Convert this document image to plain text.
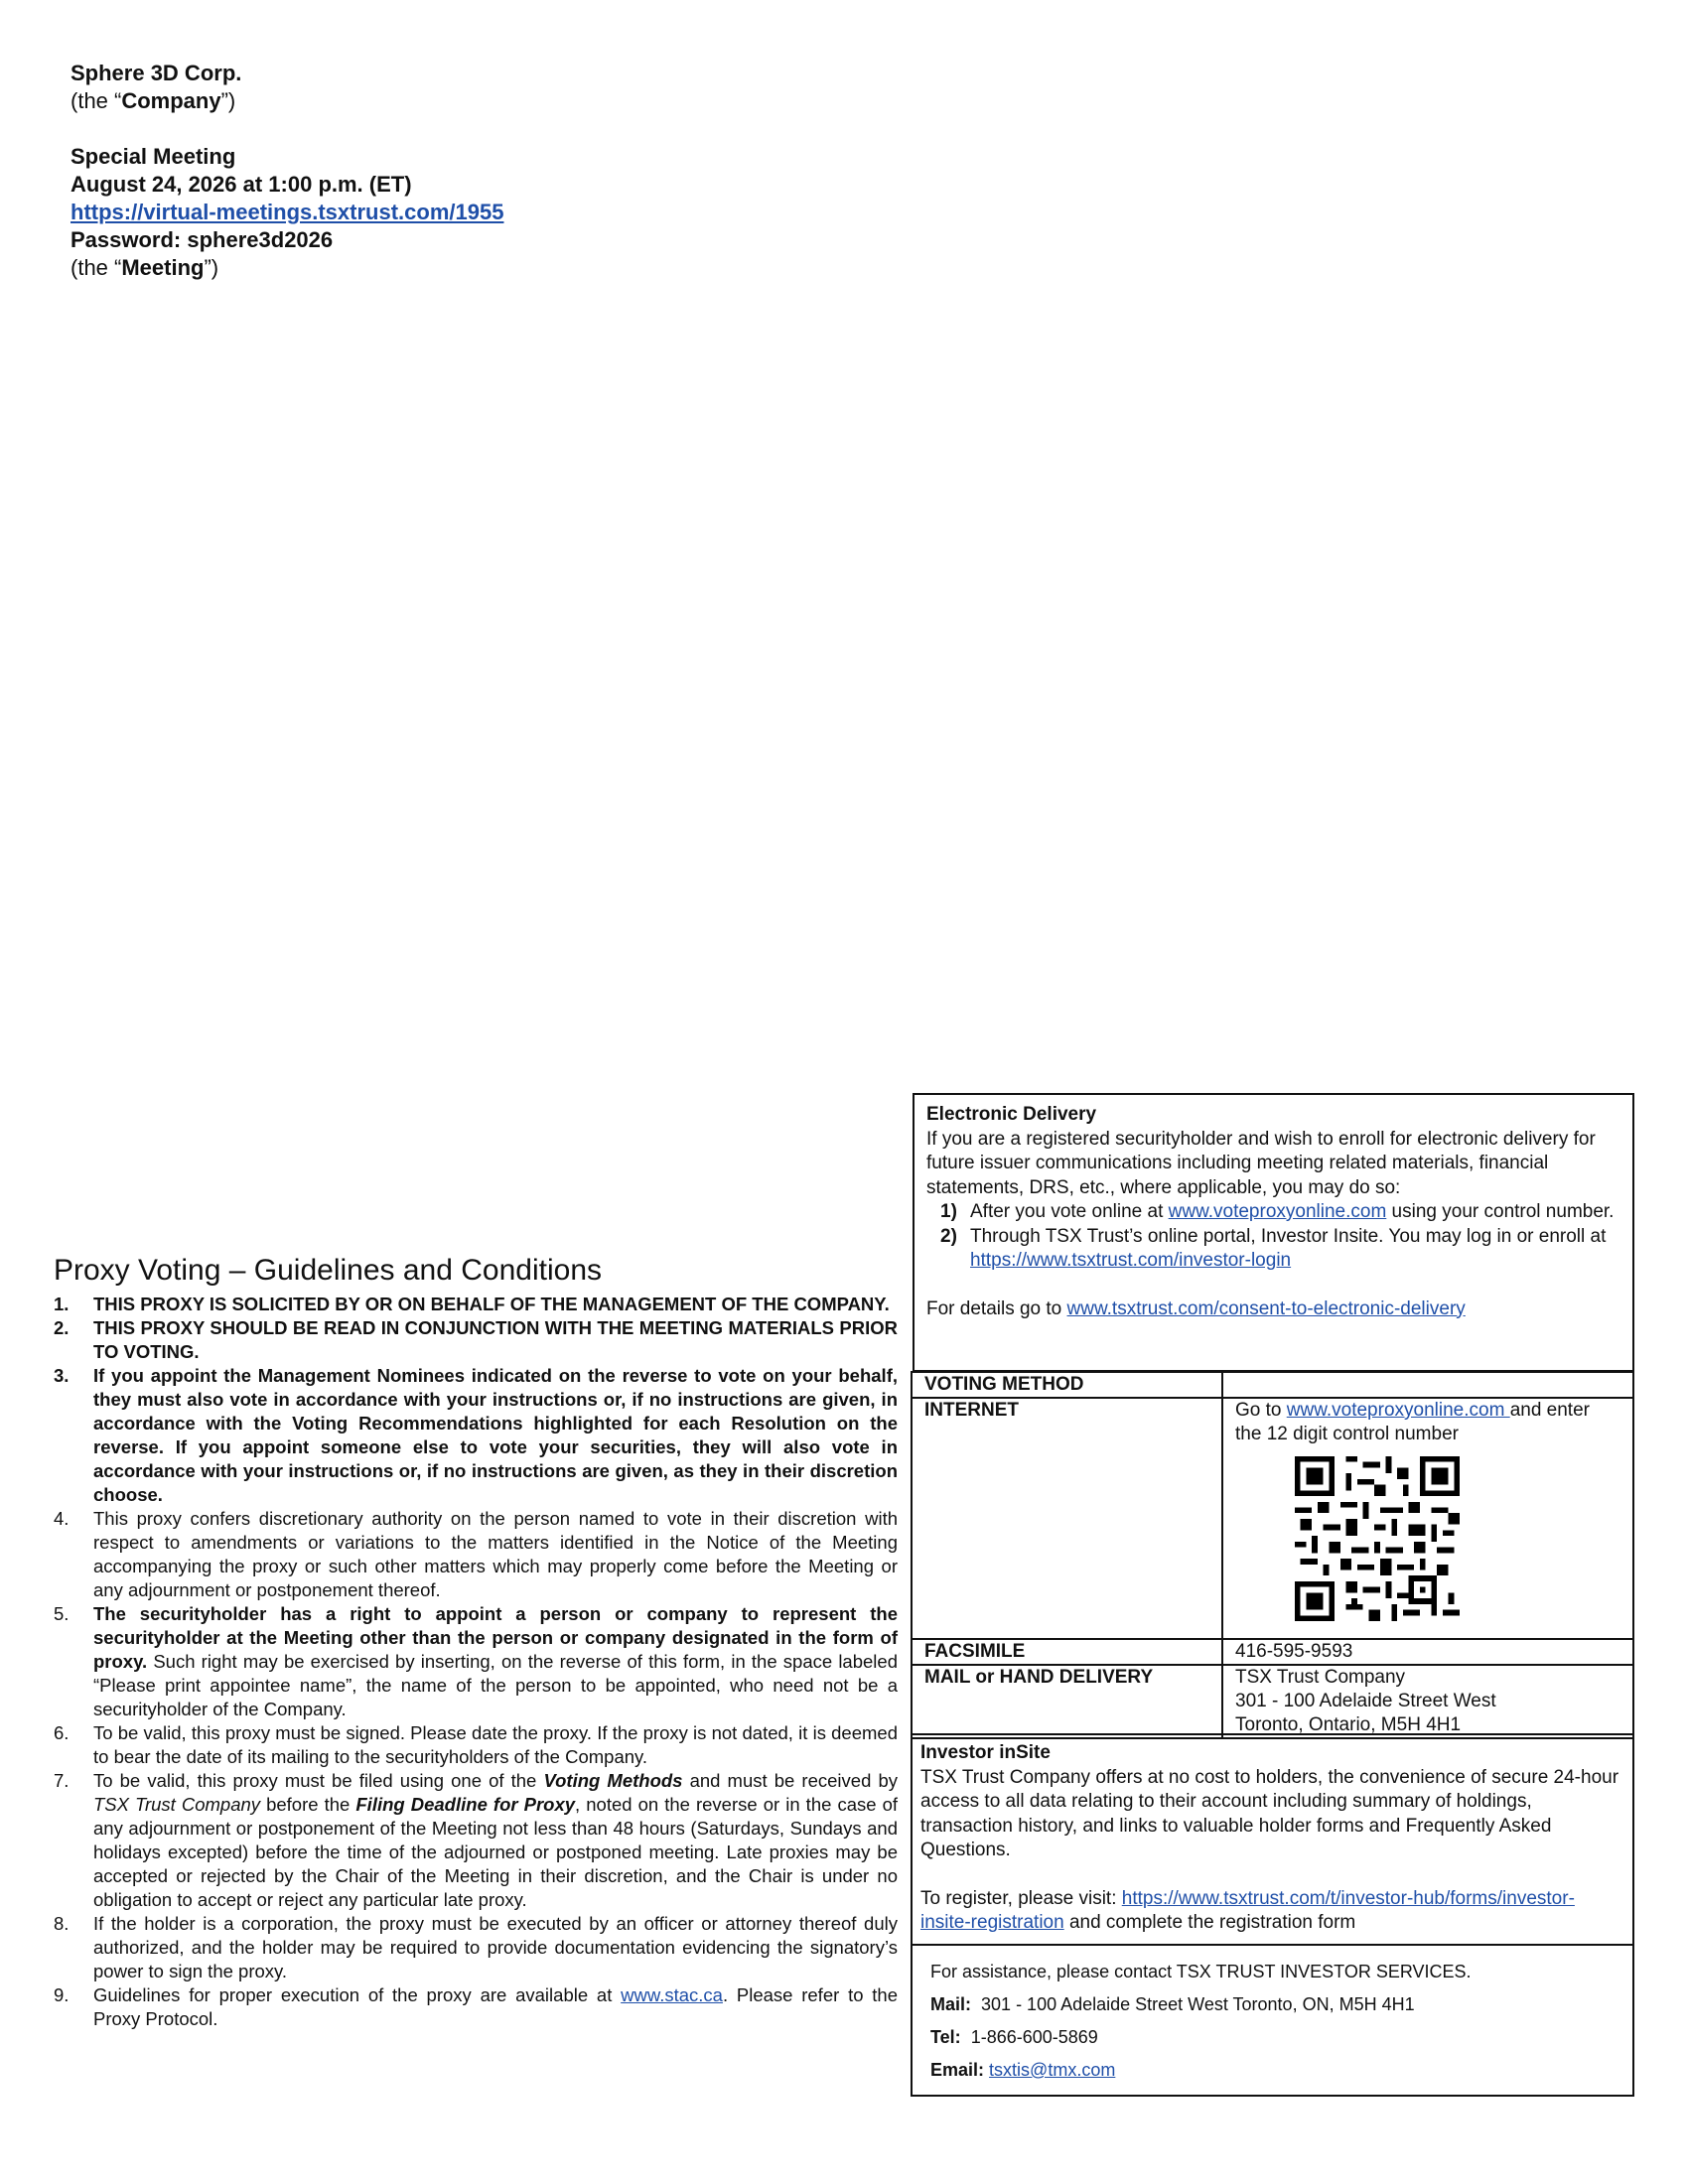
Sphere 3D Corp.
(the “Company”)
Special Meeting
August 24, 2026 at 1:00 p.m. (ET)
https://virtual-meetings.tsxtrust.com/1955
Password: sphere3d2026
(the “Meeting”)
Proxy Voting – Guidelines and Conditions
1. THIS PROXY IS SOLICITED BY OR ON BEHALF OF THE MANAGEMENT OF THE COMPANY.
2. THIS PROXY SHOULD BE READ IN CONJUNCTION WITH THE MEETING MATERIALS PRIOR TO VOTING.
3. If you appoint the Management Nominees indicated on the reverse to vote on your behalf, they must also vote in accordance with your instructions or, if no instructions are given, in accordance with the Voting Recommendations highlighted for each Resolution on the reverse. If you appoint someone else to vote your securities, they will also vote in accordance with your instructions or, if no instructions are given, as they in their discretion choose.
4. This proxy confers discretionary authority on the person named to vote in their discretion with respect to amendments or variations to the matters identified in the Notice of the Meeting accompanying the proxy or such other matters which may properly come before the Meeting or any adjournment or postponement thereof.
5. The securityholder has a right to appoint a person or company to represent the securityholder at the Meeting other than the person or company designated in the form of proxy. Such right may be exercised by inserting, on the reverse of this form, in the space labeled “Please print appointee name”, the name of the person to be appointed, who need not be a securityholder of the Company.
6. To be valid, this proxy must be signed. Please date the proxy. If the proxy is not dated, it is deemed to bear the date of its mailing to the securityholders of the Company.
7. To be valid, this proxy must be filed using one of the Voting Methods and must be received by TSX Trust Company before the Filing Deadline for Proxy, noted on the reverse or in the case of any adjournment or postponement of the Meeting not less than 48 hours (Saturdays, Sundays and holidays excepted) before the time of the adjourned or postponed meeting. Late proxies may be accepted or rejected by the Chair of the Meeting in their discretion, and the Chair is under no obligation to accept or reject any particular late proxy.
8. If the holder is a corporation, the proxy must be executed by an officer or attorney thereof duly authorized, and the holder may be required to provide documentation evidencing the signatory’s power to sign the proxy.
9. Guidelines for proper execution of the proxy are available at www.stac.ca. Please refer to the Proxy Protocol.
Electronic Delivery
If you are a registered securityholder and wish to enroll for electronic delivery for future issuer communications including meeting related materials, financial statements, DRS, etc., where applicable, you may do so:
1) After you vote online at www.voteproxyonline.com using your control number.
2) Through TSX Trust’s online portal, Investor Insite. You may log in or enroll at https://www.tsxtrust.com/investor-login
For details go to www.tsxtrust.com/consent-to-electronic-delivery
VOTING METHOD	
INTERNET	Go to www.voteproxyonline.com and enter the 12 digit control number

FACSIMILE	416-595-9593
MAIL or HAND DELIVERY	TSX Trust Company
301 - 100 Adelaide Street West
Toronto, Ontario, M5H 4H1
Investor inSite
TSX Trust Company offers at no cost to holders, the convenience of secure 24-hour access to all data relating to their account including summary of holdings, transaction history, and links to valuable holder forms and Frequently Asked Questions.
To register, please visit: https://www.tsxtrust.com/t/investor-hub/forms/investor-insite-registration and complete the registration form
For assistance, please contact TSX TRUST INVESTOR SERVICES.
Mail: 301 - 100 Adelaide Street West Toronto, ON, M5H 4H1
Tel: 1-866-600-5869
Email: tsxtis@tmx.com
